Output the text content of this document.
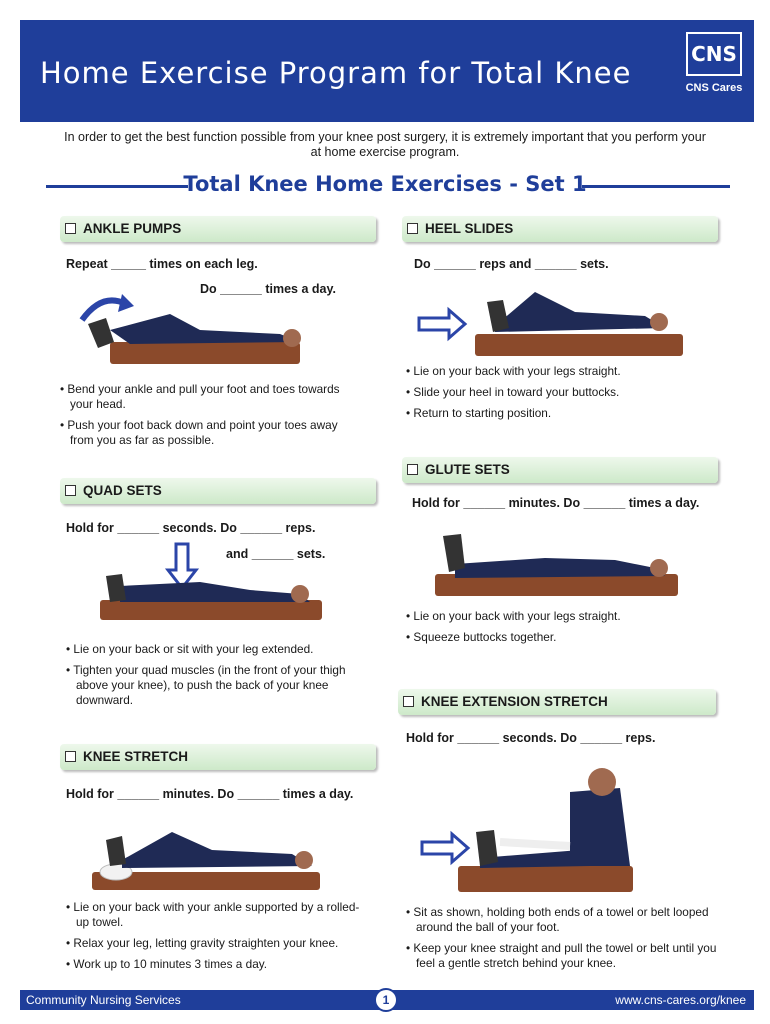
Home Exercise Program for Total Knee
CNS
CNS Cares
In order to get the best function possible from your knee post surgery, it is extremely important that you perform your at home exercise program.
Total Knee Home Exercises - Set 1
ANKLE PUMPS
Repeat _____ times on each leg.
Do ______ times a day.
• Bend your ankle and pull your foot and toes towards your head.
• Push your foot back down and point your toes away from you as far as possible.
QUAD SETS
Hold for ______ seconds. Do ______ reps.
and ______ sets.
• Lie on your back or sit with your leg extended.
• Tighten your quad muscles (in the front of your thigh above your knee), to push the back of your knee downward.
KNEE STRETCH
Hold for ______ minutes. Do ______ times a day.
• Lie on your back with your ankle supported by a rolled-up towel.
• Relax your leg, letting gravity straighten your knee.
• Work up to 10 minutes 3 times a day.
HEEL SLIDES
Do ______ reps and ______ sets.
• Lie on your back with your legs straight.
• Slide your heel in toward your buttocks.
• Return to starting position.
GLUTE SETS
Hold for ______ minutes. Do ______ times a day.
• Lie on your back with your legs straight.
• Squeeze buttocks together.
KNEE EXTENSION STRETCH
Hold for ______ seconds. Do ______ reps.
• Sit as shown, holding both ends of a towel or belt looped around the ball of your foot.
• Keep your knee straight and pull the towel or belt until you feel a gentle stretch behind your knee.
Community Nursing Services	1	www.cns-cares.org/knee
